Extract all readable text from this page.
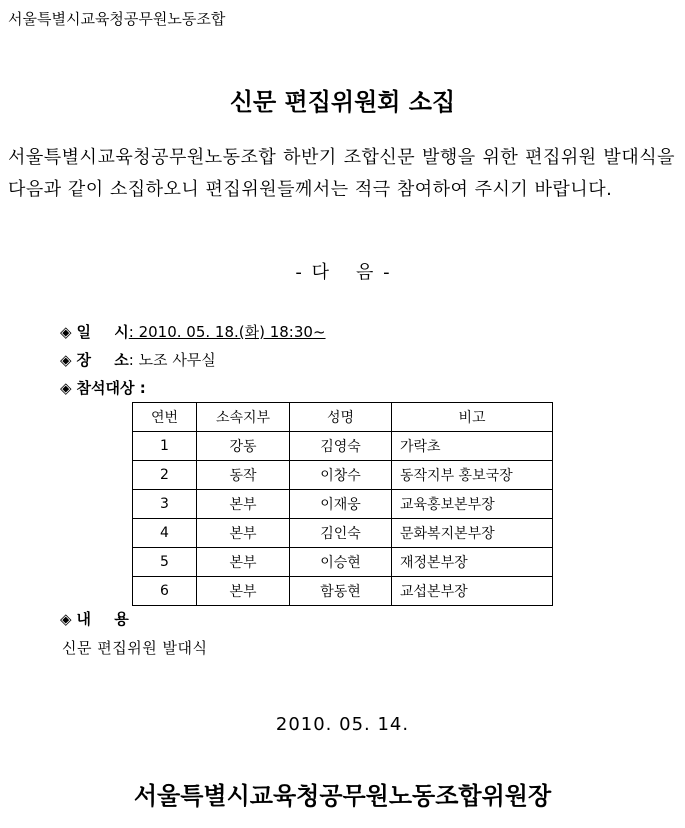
서울특별시교육청공무원노동조합
신문 편집위원회 소집
서울특별시교육청공무원노동조합 하반기 조합신문 발행을 위한 편집위원 발대식을 다음과 같이 소집하오니 편집위원들께서는 적극 참여하여 주시기 바랍니다.
- 다 음 -
◈ 일 시 : 2010. 05. 18.(화) 18:30~
◈ 장 소 : 노조 사무실
◈ 참석대상 :
연번	소속지부	성명	비고
1	강동	김영숙	가락초
2	동작	이창수	동작지부 홍보국장
3	본부	이재웅	교육홍보본부장
4	본부	김인숙	문화복지본부장
5	본부	이승현	재정본부장
6	본부	함동현	교섭본부장
◈ 내 용
신문 편집위원 발대식
2010. 05. 14.
서울특별시교육청공무원노동조합위원장
